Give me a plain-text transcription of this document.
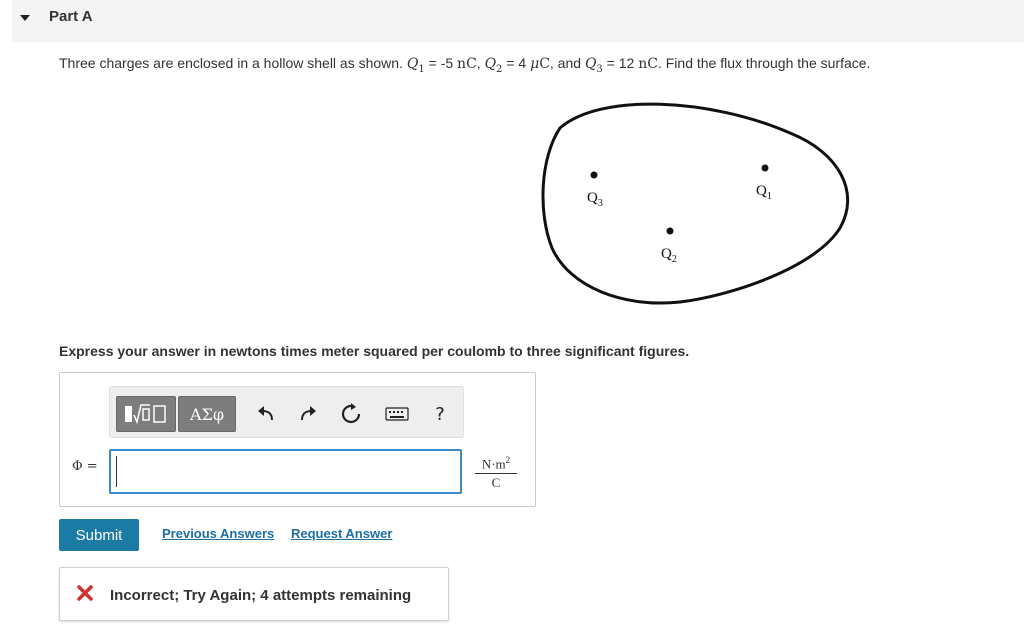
Part A
Three charges are enclosed in a hollow shell as shown. $Q_1 = -5$ nC, $Q_2 = 4$ μC, and $Q_3 = 12$ nC. Find the flux through the surface.
$Q_3$
$Q_1$
$Q_2$
Express your answer in newtons times meter squared per coulomb to three significant figures.
ΑΣφ	?
Φ =	$\frac{N\cdot m^2}{C}$
Submit	Previous Answers Request Answer
Incorrect; Try Again; 4 attempts remaining
